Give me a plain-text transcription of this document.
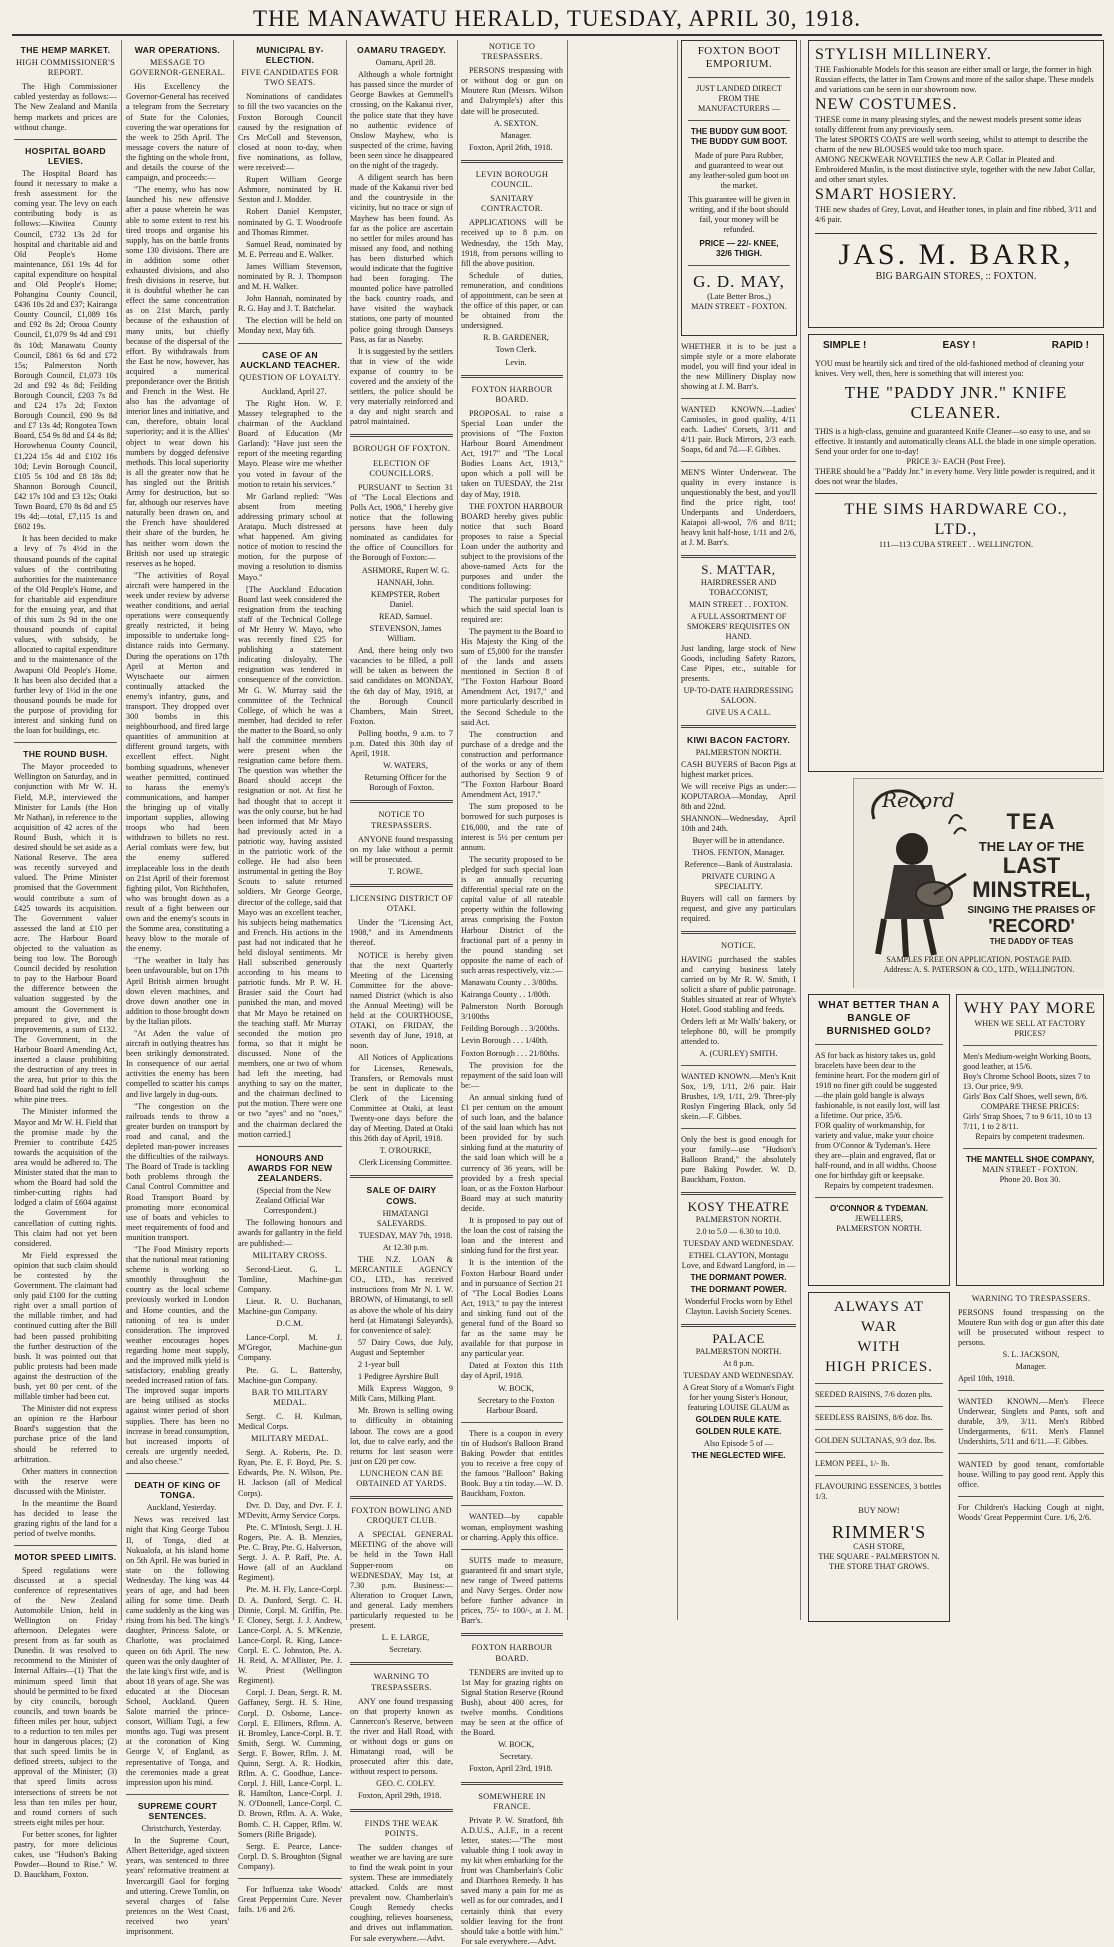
THE MANAWATU HERALD, TUESDAY, APRIL 30, 1918.
THE HEMP MARKET.
HIGH COMMISSIONER'S REPORT.

The High Commissioner cabled yesterday as follows:—The New Zealand and Manila hemp markets and prices are without change.

HOSPITAL BOARD LEVIES.

The Hospital Board has found it necessary to make a fresh assessment for the coming year. The levy on each contributing body is as follows:—Kiwitea County Council, £732 13s 2d for hospital and charitable aid and Old People's Home maintenance, £61 19s 4d for capital expenditure on hospital and Old People's Home; Pohangina County Council, £436 10s 2d and £37; Kairanga County Council, £1,089 16s and £92 8s 2d; Oroua County Council, £1,079 9s 4d and £91 8s 10d; Manawatu County Council, £861 6s 6d and £72 15s; Palmerston North Borough Council, £1,073 10s 2d and £92 4s 8d; Feilding Borough Council, £203 7s 8d and £24 17s 2d; Foxton Borough Council, £90 9s 8d and £7 13s 4d; Rongotea Town Board, £54 9s 8d and £4 4s 8d; Horowhenua County Council, £1,224 15s 4d and £102 16s 10d; Levin Borough Council, £105 5s 10d and £8 18s 8d; Shannon Borough Council, £42 17s 10d and £3 12s; Otaki Town Board, £70 8s 8d and £5 19s 4d;—total, £7,115 1s and £602 19s.

It has been decided to make a levy of 7s 4½d in the thousand pounds of the capital values of the contributing authorities for the maintenance of the Old People's Home, and for charitable aid expenditure for the ensuing year, and that of this sum 2s 9d in the one thousand pounds of capital values, with subsidy, be allocated to capital expenditure and to the maintenance of the Awapuni Old People's Home. It has been also decided that a further levy of 1½d in the one thousand pounds be made for the purpose of providing for interest and sinking fund on the loan for buildings, etc.

THE ROUND BUSH.

The Mayor proceeded to Wellington on Saturday, and in conjunction with Mr W. H. Field, M.P., interviewed the Minister for Lands (the Hon Mr Nathan), in reference to the acquisition of 42 acres of the Round Bush, which it is desired should be set aside as a National Reserve. The area was recently surveyed and valued. The Prime Minister promised that the Government would contribute a sum of £425 towards its acquisition. The Government valuer assessed the land at £10 per acre. The Harbour Board objected to the valuation as being too low. The Borough Council decided by resolution to pay to the Harbour Board the difference between the valuation suggested by the amount the Government is prepared to give, and the improvements, a sum of £132. The Government, in the Harbour Board Amending Act, inserted a clause prohibiting the destruction of any trees in the area, but prior to this the Board had sold the right to fell white pine trees.

The Minister informed the Mayor and Mr W. H. Field that the promise made by the Premier to contribute £425 towards the acquisition of the area would be adhered to. The Minister stated that the man to whom the Board had sold the timber-cutting rights had lodged a claim of £604 against the Government for cancellation of cutting rights. This claim had not yet been considered.

Mr Field expressed the opinion that such claim should be contested by the Government. The claimant had only paid £100 for the cutting right over a small portion of the millable timber, and had continued cutting after the Bill had been passed prohibiting the further destruction of the bush. It was pointed out that public protests had been made against the destruction of the bush, yet 80 per cent. of the millable timber had been cut.

The Minister did not express an opinion re the Harbour Board's suggestion that the purchase price of the land should be referred to arbitration.

Other matters in connection with the reserve were discussed with the Minister.

In the meantime the Board has decided to lease the grazing rights of the land for a period of twelve months.

MOTOR SPEED LIMITS.

Speed regulations were discussed at a special conference of representatives of the New Zealand Automobile Union, held in Wellington on Friday afternoon. Delegates were present from as far south as Dunedin. It was resolved to recommend to the Minister of Internal Affairs—(1) That the minimum speed limit that should be permitted to be fixed by city councils, borough councils, and town boards be fifteen miles per hour, subject to a reduction to ten miles per hour in dangerous places; (2) that such speed limits be in defined streets, subject to the approval of the Minister; (3) that speed limits across intersections of streets be not less than ten miles per hour, and round corners of such streets eight miles per hour.

For better scones, for lighter pastry, for more delicious cakes, use "Hudson's Baking Powder—Bound to Rise." W. D. Bauckham, Foxton.

WAR OPERATIONS.
MESSAGE TO GOVERNOR-GENERAL.

His Excellency the Governor-General has received a telegram from the Secretary of State for the Colonies, covering the war operations for the week to 25th April. The message covers the nature of the fighting on the whole front, and details the course of the campaign, and proceeds:—

"The enemy, who has now launched his new offensive after a pause wherein he was able to some extent to rest his tired troops and organise his supply, has on the battle fronts some 130 divisions. There are in addition some other exhausted divisions, and also fresh divisions in reserve, but it is doubtful whether he can effect the same concentration as on 21st March, partly because of the exhaustion of many units, but chiefly because of the dispersal of the effort. By withdrawals from the East he now, however, has acquired a numerical preponderance over the British and French in the West. He also has the advantage of interior lines and initiative, and can, therefore, obtain local superiority; and it is the Allies' object to wear down his numbers by dogged defensive methods. This local superiority is all the greater now that he has singled out the British Army for destruction, but so far, although our reserves have naturally been drawn on, and the French have shouldered their share of the burden, he has neither worn down the British nor used up strategic reserves as he hoped.

"The activities of Royal aircraft were hampered in the week under review by adverse weather conditions, and aerial operations were consequently greatly restricted, it being impossible to undertake long-distance raids into Germany. During the operations on 17th April at Merton and Wytschaete our airmen continually attacked the enemy's infantry, guns, and transport. They dropped over 300 bombs in this neighbourhood, and fired large quantities of ammunition at different ground targets, with excellent effect. Night bombing squadrons, whenever weather permitted, continued to harass the enemy's communications, and hamper the bringing up of vitally important supplies, allowing troops who had been withdrawn to billets no rest. Aerial combats were few, but the enemy suffered irreplaceable loss in the death on 21st April of their foremost fighting pilot, Von Richthofen, who was brought down as a result of a fight between our own and the enemy's scouts in the Somme area, constituting a heavy blow to the morale of the enemy.

"The weather in Italy has been unfavourable, but on 17th April British airmen brought down eleven machines, and drove down another one in addition to those brought down by the Italian pilots.

"At Aden the value of aircraft in outlying theatres has been strikingly demonstrated. In consequence of our aerial activities the enemy has been compelled to scatter his camps and live largely in dug-outs.

"The congestion on the railroads tends to throw a greater burden on transport by road and canal, and the depleted man-power increases the difficulties of the railways. The Board of Trade is tackling both problems through the Canal Control Committee and Road Transport Board by promoting more economical use of boats and vehicles to meet requirements of food and munition transport.

"The Food Ministry reports that the national meat rationing scheme is working so smoothly throughout the country as the local scheme previously worked in London and Home counties, and the rationing of tea is under consideration. The improved weather encourages hopes regarding home meat supply, and the improved milk yield is satisfactory, enabling greatly needed increased ration of fats. The improved sugar imports are being utilised as stocks against winter period of short supplies. There has been no increase in bread consumption, but increased imports of cereals are urgently needed, and also cheese."

DEATH OF KING OF TONGA.

Auckland, Yesterday.

News was received last night that King George Tubou II, of Tonga, died at Nukualofa, at his island home on 5th April. He was buried in state on the following Wednesday. The king was 44 years of age, and had been ailing for some time. Death came suddenly as the king was rising from his bed. The king's daughter, Princess Salote, or Charlotte, was proclaimed queen on 6th April. The new queen was the only daughter of the late king's first wife, and is about 18 years of age. She was educated at the Diocesan School, Auckland. Queen Salote married the prince-consort, William Tugi, a few months ago. Tugi was present at the coronation of King George V, of England, as representative of Tonga, and the ceremonies made a great impression upon his mind.

SUPREME COURT SENTENCES.

Christchurch, Yesterday.

In the Supreme Court, Albert Betteridge, aged sixteen years, was sentenced to three years' reformative treatment at Invercargill Gaol for forging and uttering. Crewe Tomlin, on several charges of false pretences on the West Coast, received two years' imprisonment.

MUNICIPAL BY-ELECTION.
FIVE CANDIDATES FOR TWO SEATS.

Nominations of candidates to fill the two vacancies on the Foxton Borough Council caused by the resignation of Crs McColl and Stevenson, closed at noon to-day, when five nominations, as follow, were received:—

Rupert William George Ashmore, nominated by H. Sexton and J. Modder.

Robert Daniel Kempster, nominated by G. T. Woodroofe and Thomas Rimmer.

Samuel Read, nominated by M. E. Perreau and E. Walker.

James William Stevenson, nominated by R. J. Thompson and M. H. Walker.

John Hannah, nominated by R. G. Hay and J. T. Batchelar.

The election will be held on Monday next, May 6th.

CASE OF AN AUCKLAND TEACHER.
QUESTION OF LOYALTY.

Auckland, April 27.

The Right Hon. W. F. Massey telegraphed to the chairman of the Auckland Board of Education (Mr Garland): "Have just seen the report of the meeting regarding Mayo. Please wire me whether you voted in favour of the motion to retain his services."

Mr Garland replied: "Was absent from meeting addressing primary school at Aratapu. Much distressed at what happened. Am giving notice of motion to rescind the motion, for the purpose of moving a resolution to dismiss Mayo."

[The Auckland Education Board last week considered the resignation from the teaching staff of the Technical College of Mr Henry W. Mayo, who was recently fined £25 for publishing a statement indicating disloyalty. The resignation was tendered in consequence of the conviction. Mr G. W. Murray said the committee of the Technical College, of which he was a member, had decided to refer the matter to the Board, so only half the committee members were present when the resignation came before them. The question was whether the Board should accept the resignation or not. At first he had thought that to accept it was the only course, but he had been informed that Mr Mayo had previously acted in a patriotic way, having assisted in the patriotic work of the college. He had also been instrumental in getting the Boy Scouts to salute returned soldiers. Mr George George, director of the college, said that Mayo was an excellent teacher, his subjects being mathematics and French. His actions in the past had not indicated that he held disloyal sentiments. Mr Hall subscribed generously according to his means to patriotic funds. Mr P. W. H. Brasier said the Court had punished the man, and moved that Mr Mayo be retained on the teaching staff. Mr Murray seconded the motion pro forma, so that it might be discussed. None of the members, one or two of whom had left the meeting, had anything to say on the matter, and the chairman declined to put the motion. There were one or two "ayes" and no "noes," and the chairman declared the motion carried.]

HONOURS AND AWARDS FOR NEW ZEALANDERS.

(Special from the New Zealand Official War Correspondent.)

The following honours and awards for gallantry in the field are published:—

MILITARY CROSS.

Second-Lieut. G. L. Tomline, Machine-gun Company.

Lieut. R. U. Buchanan, Machine-gun Company.

D.C.M.

Lance-Corpl. M. J. M'Gregor, Machine-gun Company.

Pte. G. L. Battersby, Machine-gun Company.

BAR TO MILITARY MEDAL.

Sergt. C. H. Kulman, Medical Corps.

MILITARY MEDAL.

Sergt. A. Roberts, Pte. D. Ryan, Pte. E. F. Boyd, Pte. S. Edwards, Pte. N. Wilson, Pte. H. Jackson (all of Medical Corps).

Dvr. D. Day, and Dvr. F. J. M'Devitt, Army Service Corps.

Pte. C. M'Intosh, Sergt. J. H. Rogers, Pte. A. B. Menzies, Pte. C. Bray, Pte. G. Halverson, Sergt. J. A. P. Raff, Pte. A. Howe (all of an Auckland Regiment).

Pte. M. H. Fly, Lance-Corpl. D. A. Dunford, Sergt. C. H. Dinnie, Corpl. M. Griffin, Pte. F. Cloney, Sergt. J. J. Andrew, Lance-Corpl. A. S. M'Kenzie, Lance-Corpl. R. King, Lance-Corpl. E. C. Johnston, Pte. A. H. Reid, A. M'Allister, Pte. J. W. Priest (Wellington Regiment).

Corpl. J. Dean, Sergt. R. M. Gaffaney, Sergt. H. S. Hine, Corpl. D. Osborne, Lance-Corpl. E. Ellimers, Rflmn. A. H. Bromley, Lance-Corpl. B. T. Smith, Sergt. W. Cumming, Sergt. F. Bower, Rflm. J. M. Quinn, Sergt. A. R. Hodkin, Rflm. A. C. Goodhue, Lance-Corpl. J. Hill, Lance-Corpl. L. R. Hamilton, Lance-Corpl. J. N. O'Donnell, Lance-Corpl. C. D. Brown, Rflm. A. A. Wake, Bomb. C. H. Capper, Rflm. W. Somers (Rifle Brigade).

Sergt. E. Pearce, Lance-Corpl. D. S. Broughton (Signal Company).

For Influenza take Woods' Great Peppermint Cure. Never fails. 1/6 and 2/6.

OAMARU TRAGEDY.

Oamaru, April 28.

Although a whole fortnight has passed since the murder of George Bawkes at Gemmell's crossing, on the Kakanui river, the police state that they have no authentic evidence of Onslow Mayhew, who is suspected of the crime, having been seen since he disappeared on the night of the tragedy.

A diligent search has been made of the Kakanui river bed and the countryside in the vicinity, but no trace or sign of Mayhew has been found. As far as the police are ascertain no settler for miles around has missed any food, and nothing has been disturbed which would indicate that the fugitive had been foraging. The mounted police have patrolled the back country roads, and have visited the wayback stations, one party of mounted police going through Danseys Pass, as far as Naseby.

It is suggested by the settlers that in view of the wide expanse of country to be covered and the anxiety of the settlers, the police should be very materially reinforced and a day and night search and patrol maintained.

BOROUGH OF FOXTON.
ELECTION OF COUNCILLORS.

PURSUANT to Section 31 of "The Local Elections and Polls Act, 1908," I hereby give notice that the following persons have been duly nominated as candidates for the office of Councillors for the Borough of Foxton:—

ASHMORE, Rupert W. G.

HANNAH, John.

KEMPSTER, Robert Daniel.

READ, Samuel.

STEVENSON, James William.

And, there being only two vacancies to be filled, a poll will be taken as between the said candidates on MONDAY, the 6th day of May, 1918, at the Borough Council Chambers, Main Street, Foxton.

Polling booths, 9 a.m. to 7 p.m. Dated this 30th day of April, 1918.

W. WATERS,

Returning Officer for the Borough of Foxton.

NOTICE TO TRESPASSERS.

ANYONE found trespassing on my lake without a permit will be prosecuted.

T. ROWE.

LICENSING DISTRICT OF OTAKI.

Under the "Licensing Act, 1908," and its Amendments thereof.

NOTICE is hereby given that the next Quarterly Meeting of the Licensing Committee for the above-named District (which is also the Annual Meeting) will be held at the COURTHOUSE, OTAKI, on FRIDAY, the seventh day of June, 1918, at noon.

All Notices of Applications for Licenses, Renewals, Transfers, or Removals must be sent in duplicate to the Clerk of the Licensing Committee at Otaki, at least Twenty-one days before the day of Meeting. Dated at Otaki this 26th day of April, 1918.

T. O'ROURKE,

Clerk Licensing Committee.

SALE OF DAIRY COWS.

HIMATANGI SALEYARDS.

TUESDAY, MAY 7th, 1918.

At 12.30 p.m.

THE N.Z. LOAN & MERCANTILE AGENCY CO., LTD., has received instructions from Mr N. I. W. BROWN, of Himatangi, to sell as above the whole of his dairy herd (at Himatangi Saleyards), for convenience of sale):

57 Dairy Cows, due July, August and September

2 1-year bull

1 Pedigree Ayrshire Bull

Milk Express Waggon, 9 Milk Cans, Milking Plant.

Mr. Brown is selling owing to difficulty in obtaining labour. The cows are a good lot, due to calve early, and the returns for last season were just on £20 per cow.

LUNCHEON CAN BE OBTAINED AT YARDS.
FOXTON BOWLING AND CROQUET CLUB.

A SPECIAL GENERAL MEETING of the above will be held in the Town Hall Supper-room on WEDNESDAY, May 1st, at 7.30 p.m. Business:—Alteration to Croquet Lawn, and general. Lady members particularly requested to be present.

L. E. LARGE,

Secretary.

WARNING TO TRESPASSERS.

ANY one found trespassing on that property known as Cannercon's Reserve, between the river and Hall Road, with or without dogs or guns on Himatangi road, will be prosecuted after this date, without respect to persons.

GEO. C. COLEY.

Foxton, April 29th, 1918.

FINDS THE WEAK POINTS.

The sudden changes of weather we are having are sure to find the weak point in your system. These are immediately attacked. Colds are most prevalent now. Chamberlain's Cough Remedy checks coughing, relieves hoarseness, and drives out inflammation. For sale everywhere.—Advt.

NOTICE TO TRESPASSERS.

PERSONS trespassing with or without dog or gun on Moutere Run (Messrs. Wilson and Dalrymple's) after this date will be prosecuted.

A. SEXTON.

Manager.

Foxton, April 26th, 1918.

LEVIN BOROUGH COUNCIL.
SANITARY CONTRACTOR.

APPLICATIONS will be received up to 8 p.m. on Wednesday, the 15th May, 1918, from persons willing to fill the above position.

Schedule of duties, remuneration, and conditions of appointment, can be seen at the office of this paper, or can be obtained from the undersigned.

R. B. GARDENER,

Town Clerk.

Levin.

FOXTON HARBOUR BOARD.

PROPOSAL to raise a Special Loan under the provisions of "The Foxton Harbour Board Amendment Act, 1917" and "The Local Bodies Loans Act, 1913," upon which a poll will be taken on TUESDAY, the 21st day of May, 1918.

THE FOXTON HARBOUR BOARD hereby gives public notice that such Board proposes to raise a Special Loan under the authority and subject to the provisions of the above-named Acts for the purposes and under the conditions following:

The particular purposes for which the said special loan is required are:

The payment to the Board to His Majesty the King of the sum of £5,000 for the transfer of the lands and assets mentioned in Section 8 of "The Foxton Harbour Board Amendment Act, 1917," and more particularly described in the Second Schedule to the said Act.

The construction and purchase of a dredge and the construction and performance of the works or any of them authorised by Section 9 of "The Foxton Harbour Board Amendment Act, 1917."

The sum proposed to be borrowed for such purposes is £16,000, and the rate of interest is 5½ per centum per annum.

The security proposed to be pledged for such special loan is an annually recurring differential special rate on the capital value of all rateable property within the following areas comprising the Foxton Harbour District of the fractional part of a penny in the pound standing set opposite the name of each of such areas respectively, viz.:—

Manawatu County . . 3/80ths.

Kairanga County . . 1/80th.

Palmerston North Borough 3/100ths

Feilding Borough . . 3/200ths.

Levin Borough . . . 1/40th.

Foxton Borough . . . 21/80ths.

The provision for the repayment of the said loan will be:—

An annual sinking fund of £1 per centum on the amount of such loan, and the balance of the said loan which has not been provided for by such sinking fund at the maturity of the said loan which will be a currency of 36 years, will be provided by a fresh special loan, or as the Foxton Harbour Board may at such maturity decide.

It is proposed to pay out of the loan the cost of raising the loan and the interest and sinking fund for the first year.

It is the intention of the Foxton Harbour Board under and in pursuance of Section 21 of "The Local Bodies Loans Act, 1913," to pay the interest and sinking fund out of the general fund of the Board so far as the same may be available for that purpose in any particular year.

Dated at Foxton this 11th day of April, 1918.

W. BOCK,

Secretary to the Foxton Harbour Board.

There is a coupon in every tin of Hudson's Balloon Brand Baking Powder that entitles you to receive a free copy of the famous "Balloon" Baking Book. Buy a tin today.—W. D. Bauckham, Foxton.

WANTED—by capable woman, employment washing or charring. Apply this office.

SUITS made to measure, guaranteed fit and smart style, new range of Tweed patterns and Navy Serges. Order now before further advance in prices, 75/- to 100/-, at J. M. Barr's.

FOXTON HARBOUR BOARD.

TENDERS are invited up to 1st May for grazing rights on Signal Station Reserve (Round Bush), about 400 acres, for twelve months. Conditions may be seen at the office of the Board.

W. BOCK,

Secretary.

Foxton, April 23rd, 1918.

SOMEWHERE IN FRANCE.

Private P. W. Stratford, 8th A.D.U.S., A.I.F., in a recent letter, states:—"The most valuable thing I took away in my kit when embarking for the front was Chamberlain's Colic and Diarrhoea Remedy. It has saved many a pain for me as well as for our comrades, and I certainly think that every soldier leaving for the front should take a bottle with him." For sale everywhere.—Advt.

FOXTON BOOT
EMPORIUM.

JUST LANDED DIRECT

FROM THE MANUFACTURERS —

THE BUDDY GUM BOOT.

THE BUDDY GUM BOOT.

Made of pure Para Rubber, and guaranteed to wear out any leather-soled gum boot on the market.

This guarantee will be given in writing, and if the boot should fail, your money will be refunded.

PRICE — 22/- KNEE,

32/6 THIGH.

G. D. MAY,

(Late Better Bros.,)

MAIN STREET - FOXTON.

WHETHER it is to be just a simple style or a more elaborate model, you will find your ideal in the new Millinery Display now showing at J. M. Barr's.

WANTED KNOWN.—Ladies' Camisoles, in good quality, 4/11 each. Ladies' Corsets, 3/11 and 4/11 pair. Buck Mirrors, 2/3 each. Soaps, 6d and 7d.—F. Gibbes.

MEN'S Winter Underwear. The quality in every instance is unquestionably the best, and you'll find the price right, too! Underpants and Underdoers, Kaiapoi all-wool, 7/6 and 8/11; heavy knit half-hose, 1/11 and 2/6, at J. M. Barr's.

S. MATTAR,

HAIRDRESSER AND TOBACCONIST,

MAIN STREET . . FOXTON.

A FULL ASSORTMENT OF SMOKERS' REQUISITES ON HAND.

Just landing, large stock of New Goods, including Safety Razors, Case Pipes, etc., suitable for presents.

UP-TO-DATE HAIRDRESSING SALOON.

GIVE US A CALL.

KIWI BACON FACTORY.

PALMERSTON NORTH.

CASH BUYERS of Bacon Pigs at highest market prices.

We will receive Pigs as under:—KOPUTAROA—Monday, April 8th and 22nd.

SHANNON—Wednesday, April 10th and 24th.

Buyer will be in attendance.

THOS. FENTON, Manager.

Reference—Bank of Australasia.

PRIVATE CURING A SPECIALITY.

Buyers will call on farmers by request, and give any particulars required.

NOTICE.

HAVING purchased the stables and carrying business lately carried on by Mr R. W. Smith, I solicit a share of public patronage. Stables situated at rear of Whyte's Hotel. Good stabling and feeds.

Orders left at Mr Walls' bakery, or telephone 80, will be promptly attended to.

A. (CURLEY) SMITH.

WANTED KNOWN.—Men's Knit Sox, 1/9, 1/11, 2/6 pair. Hair Brushes, 1/9, 1/11, 2/9. Three-ply Roslyn Fingering Black, only 5d skein.—F. Gibbes.

Only the best is good enough for your family—use "Hudson's Balloon Brand," the absolutely pure Baking Powder. W. D. Bauckham, Foxton.

KOSY THEATRE

PALMERSTON NORTH.

2.0 to 5.0 — 6.30 to 10.0.

TUESDAY AND WEDNESDAY.

ETHEL CLAYTON, Montagu Love, and Edward Langford, in —

THE DORMANT POWER.

THE DORMANT POWER.

Wonderful Frocks worn by Ethel Clayton. Lavish Society Scenes.

PALACE

PALMERSTON NORTH.

At 8 p.m.

TUESDAY AND WEDNESDAY.

A Great Story of a Woman's Fight for her young Sister's Honour, featuring LOUISE GLAUM as

GOLDEN RULE KATE.

GOLDEN RULE KATE.

Also Episode 5 of —

THE NEGLECTED WIFE.

STYLISH MILLINERY.

THE Fashionable Models for this season are either small or large, the former in high Russian effects, the latter in Tam Crowns and more of the sailor shape. These models and variations can be seen in our showroom now.

NEW COSTUMES.

THESE come in many pleasing styles, and the newest models present some ideas totally different from any previously seen.

The latest SPORTS COATS are well worth seeing, whilst to attempt to describe the charm of the new BLOUSES would take too much space.

AMONG NECKWEAR NOVELTIES the new A.P. Collar in Pleated and Embroidered Muslin, is the most distinctive style, together with the new Jabot Collar, and other smart styles.

SMART HOSIERY.

THE new shades of Grey, Lovat, and Heather tones, in plain and fine ribbed, 3/11 and 4/6 pair.

JAS. M. BARR,

BIG BARGAIN STORES, :: FOXTON.

SIMPLE !	EASY !	RAPID !

YOU must be heartily sick and tired of the old-fashioned method of cleaning your knives. Very well, then, here is something that will interest you:

THE "PADDY JNR." KNIFE
CLEANER.

THIS is a high-class, genuine and guaranteed Knife Cleaner—so easy to use, and so effective. It instantly and automatically cleans ALL the blade in one simple operation. Send your order for one to-day!

PRICE 3/- EACH (Post Free).

THERE should be a "Paddy Jnr." in every home. Very little powder is required, and it does not wear the blades.

THE SIMS HARDWARE CO.,
LTD.,

111—113 CUBA STREET . . WELLINGTON.

Record
TEA
THE LAY OF THE
LAST MINSTREL,
SINGING THE PRAISES OF
'RECORD'
THE DADDY OF TEAS
SAMPLES FREE ON APPLICATION. POSTAGE PAID.
Address: A. S. PATERSON & CO., LTD., WELLINGTON.
WHAT BETTER THAN A BANGLE OF BURNISHED GOLD?

AS for back as history takes us, gold bracelets have been dear to the feminine heart. For the modern girl of 1918 no finer gift could be suggested—the plain gold bangle is always fashionable, is not easily lost, will last a lifetime. Our price, 35/6.

FOR quality of workmanship, for variety and value, make your choice from O'Connor & Tydeman's. Here they are—plain and engraved, flat or half-round, and in all widths. Choose one for birthday gift or keepsake.

Repairs by competent tradesmen.

O'CONNOR & TYDEMAN.

JEWELLERS,

PALMERSTON NORTH.

WHY PAY MORE

WHEN WE SELL AT FACTORY PRICES?

Men's Medium-weight Working Boots, good leather, at 15/6.

Boy's Chrome School Boots, sizes 7 to 13. Our price, 9/9.

Girls' Box Calf Shoes, well sewn, 8/6.

COMPARE THESE PRICES:

Girls' Strap Shoes, 7 to 9 6/11, 10 to 13 7/11, 1 to 2 8/11.

Repairs by competent tradesmen.

THE MANTELL SHOE COMPANY,

MAIN STREET - FOXTON.

Phone 20. Box 30.

ALWAYS AT WAR
WITH
HIGH PRICES.

SEEDED RAISINS, 7/6 dozen plts.

SEEDLESS RAISINS, 8/6 doz. lbs.

GOLDEN SULTANAS, 9/3 doz. lbs.

LEMON PEEL, 1/- lb.

FLAVOURING ESSENCES, 3 bottles 1/3.

BUY NOW!

RIMMER'S

CASH STORE,

THE SQUARE - PALMERSTON N.

THE STORE THAT GROWS.

WARNING TO TRESPASSERS.

PERSONS found trespassing on the Moutere Run with dog or gun after this date will be prosecuted without respect to persons.

S. L. JACKSON,

Manager.

April 10th, 1918.

WANTED KNOWN.—Men's Fleece Underwear, Singlets and Pants, soft and durable, 3/9, 3/11. Men's Ribbed Undergarments, 6/11. Men's Flannel Undershirts, 5/11 and 6/11.—F. Gibbes.

WANTED by good tenant, comfortable house. Willing to pay good rent. Apply this office.

For Children's Hacking Cough at night, Woods' Great Peppermint Cure. 1/6, 2/6.
